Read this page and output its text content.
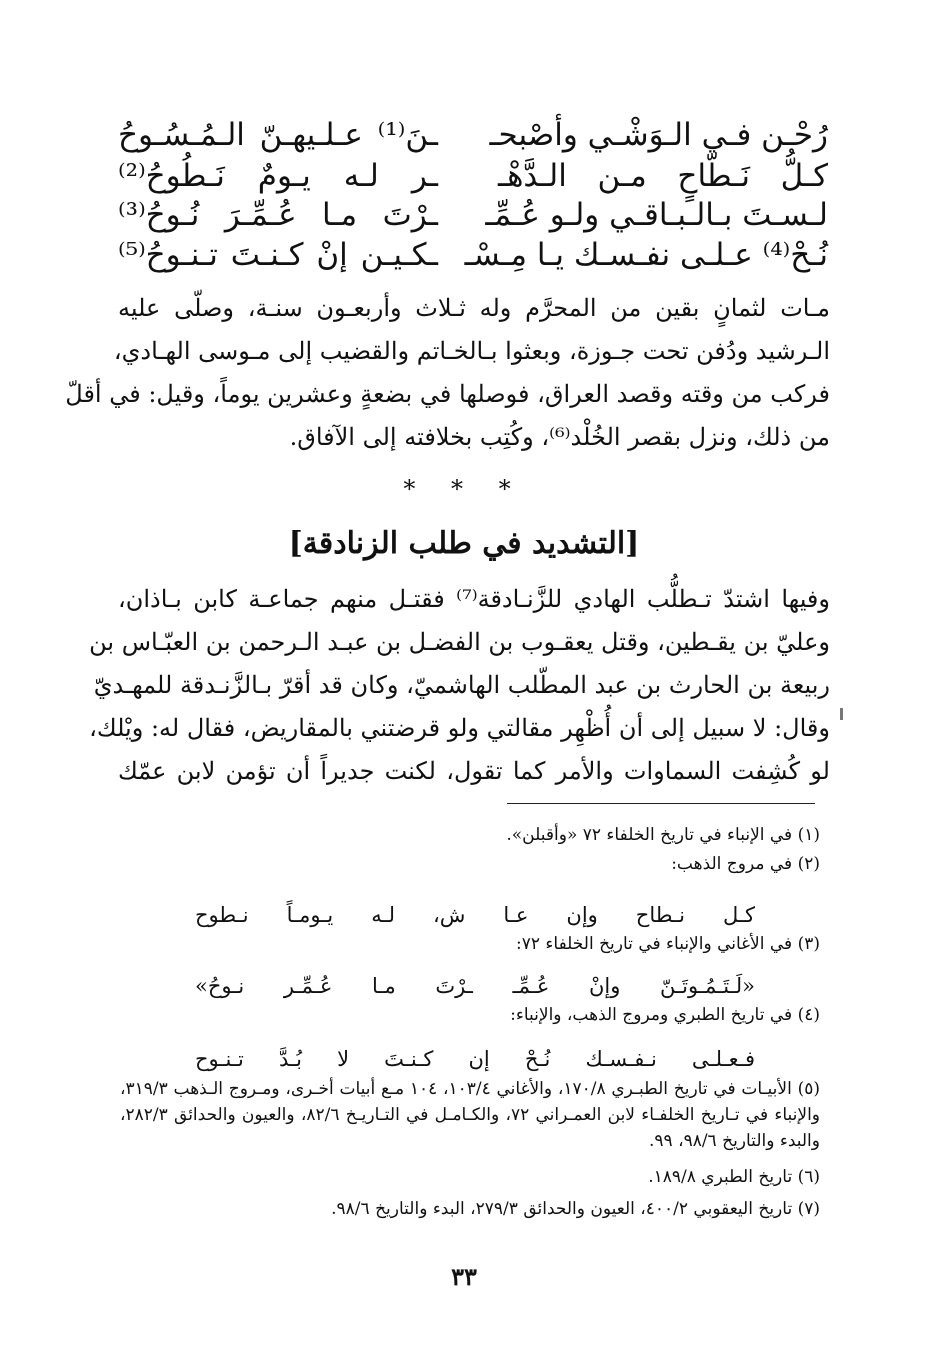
رُحْـن فـي الـوَشْـي وأصْبحـ
ـنَ⁽¹⁾ عـلـيهـنّ الـمُـسُـوحُ
كـلُّ نَـطّاحٍ مـن الـدَّهْـ
ـر لـه يـومٌ نَـطُوحُ⁽²⁾
لـسـتَ بـالـبـاقـي ولـو عُـمِّـ
ـرْتَ مـا عُـمِّـرَ نُـوحُ⁽³⁾
نُـحْ⁽⁴⁾ عـلـى نفـسـك يـا مِـسْـ
ـكـيـن إنْ كـنـتَ تـنـوحُ⁽⁵⁾
مـات لثمانٍ بقين من المحرَّم وله ثـلاث وأربعـون سنـة، وصلّى عليه
الـرشيد ودُفن تحت جـوزة، وبعثوا بـالخـاتم والقضيب إلى مـوسى الهـادي،
فركب من وقته وقصد العراق، فوصلها في بضعةٍ وعشرين يوماً، وقيل: في أقلّ
من ذلك، ونزل بقصر الخُلْد⁽⁶⁾، وكُتِب بخلافته إلى الآفاق.
* * *
[التشديد في طلب الزنادقة]
وفيها اشتدّ تـطلُّب الهادي للزَّنـادقة⁽⁷⁾ فقتـل منهم جماعـة كابن بـاذان،
وعليّ بن يقـطين، وقتل يعقـوب بن الفضـل بن عبـد الـرحمن بن العبّـاس بن
ربيعة بن الحارث بن عبد المطّلب الهاشميّ، وكان قد أقرّ بـالزَّنـدقة للمهـديّ
وقال: لا سبيل إلى أن أُظْهِر مقالتي ولو قرضتني بالمقاريض، فقال له: ويْلك،
لو كُشِفت السماوات والأمر كما تقول، لكنت جديراً أن تؤمن لابن عمّك
(١) في الإنباء في تاريخ الخلفاء ٧٢ «وأقبلن».
(٢) في مروج الذهب:
كـل نـطاح وإن عـا ش، لـه يـومـاً نـطوح
(٣) في الأغاني والإنباء في تاريخ الخلفاء ٧٢:
«لَـتَـمُـوتَـنّ وإنْ عُـمِّـ ـرْتَ مـا عُـمِّـر نـوحُ»
(٤) في تاريخ الطبري ومروج الذهب، والإنباء:
فـعـلـى نـفـسـك نُـحْ إن كـنـتَ لا بُـدَّ تـنـوح
(٥) الأبيـات في تاريخ الطبـري ١٧٠/٨، والأغاني ١٠٣/٤، ١٠٤ مـع أبيات أخـرى، ومـروج الـذهب ٣١٩/٣، والإنباء في تـاريخ الخلفـاء لابن العمـراني ٧٢، والكـامـل في التـاريـخ ٨٢/٦، والعيون والحدائق ٢٨٢/٣، والبدء والتاريخ ٩٨/٦، ٩٩.
(٦) تاريخ الطبري ١٨٩/٨.
(٧) تاريخ اليعقوبي ٤٠٠/٢، العيون والحدائق ٢٧٩/٣، البدء والتاريخ ٩٨/٦.
٣٣
